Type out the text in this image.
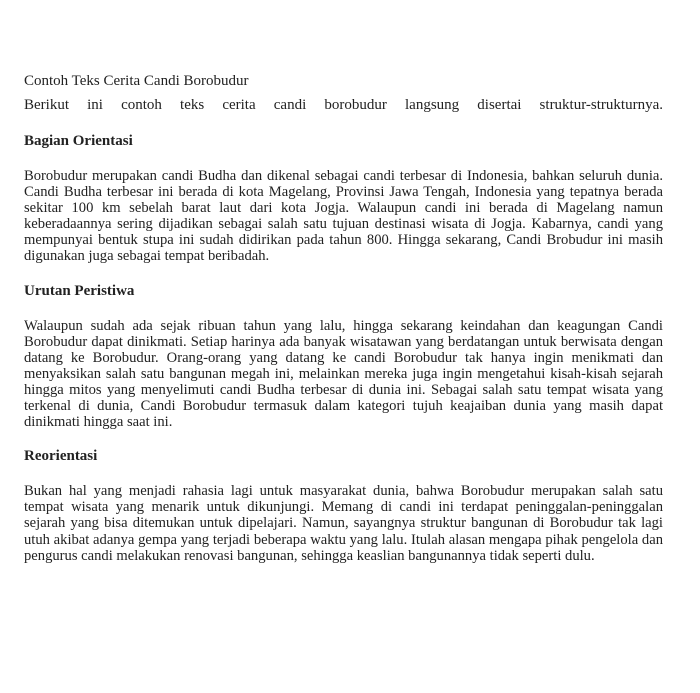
Contoh Teks Cerita Candi Borobudur

Berikut ini contoh teks cerita candi borobudur langsung disertai struktur-strukturnya.

Bagian Orientasi

Borobudur merupakan candi Budha dan dikenal sebagai candi terbesar di Indonesia, bahkan seluruh dunia. Candi Budha terbesar ini berada di kota Magelang, Provinsi Jawa Tengah, Indonesia yang tepatnya berada sekitar 100 km sebelah barat laut dari kota Jogja. Walaupun candi ini berada di Magelang namun keberadaannya sering dijadikan sebagai salah satu tujuan destinasi wisata di Jogja. Kabarnya, candi yang mempunyai bentuk stupa ini sudah didirikan pada tahun 800. Hingga sekarang, Candi Brobudur ini masih digunakan juga sebagai tempat beribadah.

Urutan Peristiwa

Walaupun sudah ada sejak ribuan tahun yang lalu, hingga sekarang keindahan dan keagungan Candi Borobudur dapat dinikmati. Setiap harinya ada banyak wisatawan yang berdatangan untuk berwisata dengan datang ke Borobudur. Orang-orang yang datang ke candi Borobudur tak hanya ingin menikmati dan menyaksikan salah satu bangunan megah ini, melainkan mereka juga ingin mengetahui kisah-kisah sejarah hingga mitos yang menyelimuti candi Budha terbesar di dunia ini. Sebagai salah satu tempat wisata yang terkenal di dunia, Candi Borobudur termasuk dalam kategori tujuh keajaiban dunia yang masih dapat dinikmati hingga saat ini.

Reorientasi

Bukan hal yang menjadi rahasia lagi untuk masyarakat dunia, bahwa Borobudur merupakan salah satu tempat wisata yang menarik untuk dikunjungi. Memang di candi ini terdapat peninggalan-peninggalan sejarah yang bisa ditemukan untuk dipelajari. Namun, sayangnya struktur bangunan di Borobudur tak lagi utuh akibat adanya gempa yang terjadi beberapa waktu yang lalu. Itulah alasan mengapa pihak pengelola dan pengurus candi melakukan renovasi bangunan, sehingga keaslian bangunannya tidak seperti dulu.
